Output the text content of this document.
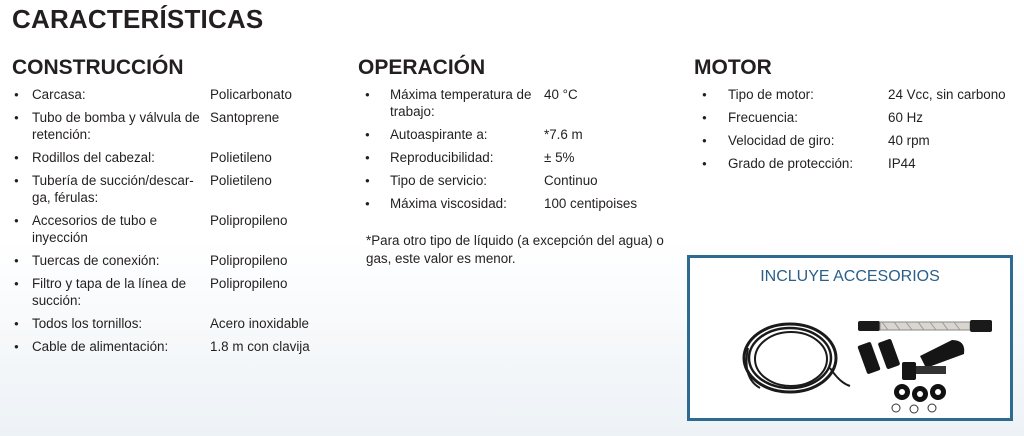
CARACTERÍSTICAS
CONSTRUCCIÓN
● Carcasa:	Policarbonato
● Tubo de bomba y válvula de retención:
Santoprene
● Rodillos del cabezal:	Polietileno
● Tubería de succión/descar-ga, férulas:
Polietileno
● Accesorios de tubo e inyección
Polipropileno
● Tuercas de conexión:	Polipropileno
● Filtro y tapa de la línea de succión:
Polipropileno
● Todos los tornillos:	Acero inoxidable
● Cable de alimentación:	1.8 m con clavija
OPERACIÓN
● Máxima temperatura de trabajo:
40 °C
● Autoaspirante a:	*7.6 m
● Reproducibilidad:	± 5%
● Tipo de servicio:	Continuo
● Máxima viscosidad:	100 centipoises
*Para otro tipo de líquido (a excepción del agua) o gas, este valor es menor.
MOTOR
● Tipo de motor:	24 Vcc, sin carbono
● Frecuencia:	60 Hz
● Velocidad de giro:	40 rpm
● Grado de protección:	IP44
INCLUYE ACCESORIOS
